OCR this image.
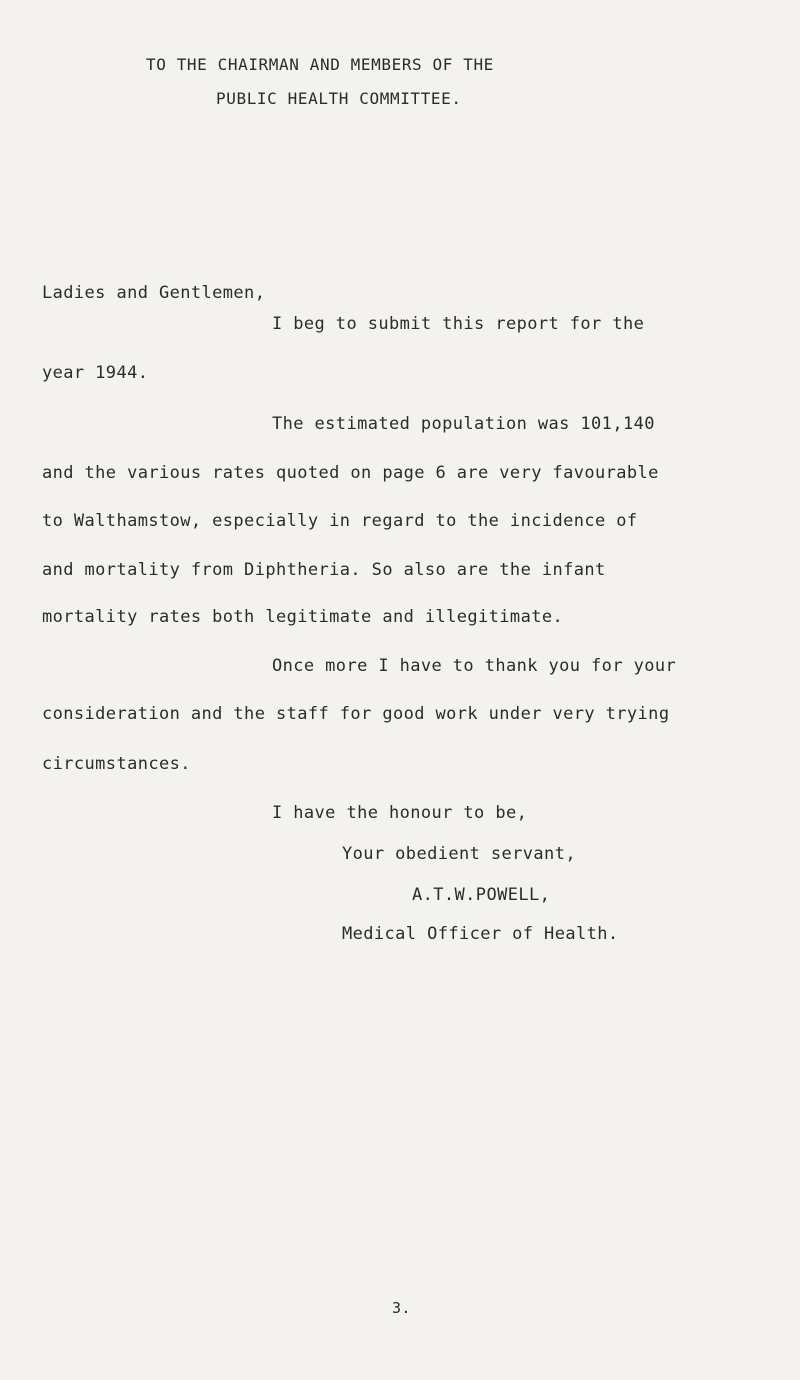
TO THE CHAIRMAN AND MEMBERS OF THE
PUBLIC HEALTH COMMITTEE.
Ladies and Gentlemen,
I beg to submit this report for the
year 1944.
The estimated population was 101,140
and the various rates quoted on page 6 are very favourable
to Walthamstow, especially in regard to the incidence of
and mortality from Diphtheria. So also are the infant
mortality rates both legitimate and illegitimate.
Once more I have to thank you for your
consideration and the staff for good work under very trying
circumstances.
I have the honour to be,
Your obedient servant,
A.T.W.POWELL,
Medical Officer of Health.
3.
